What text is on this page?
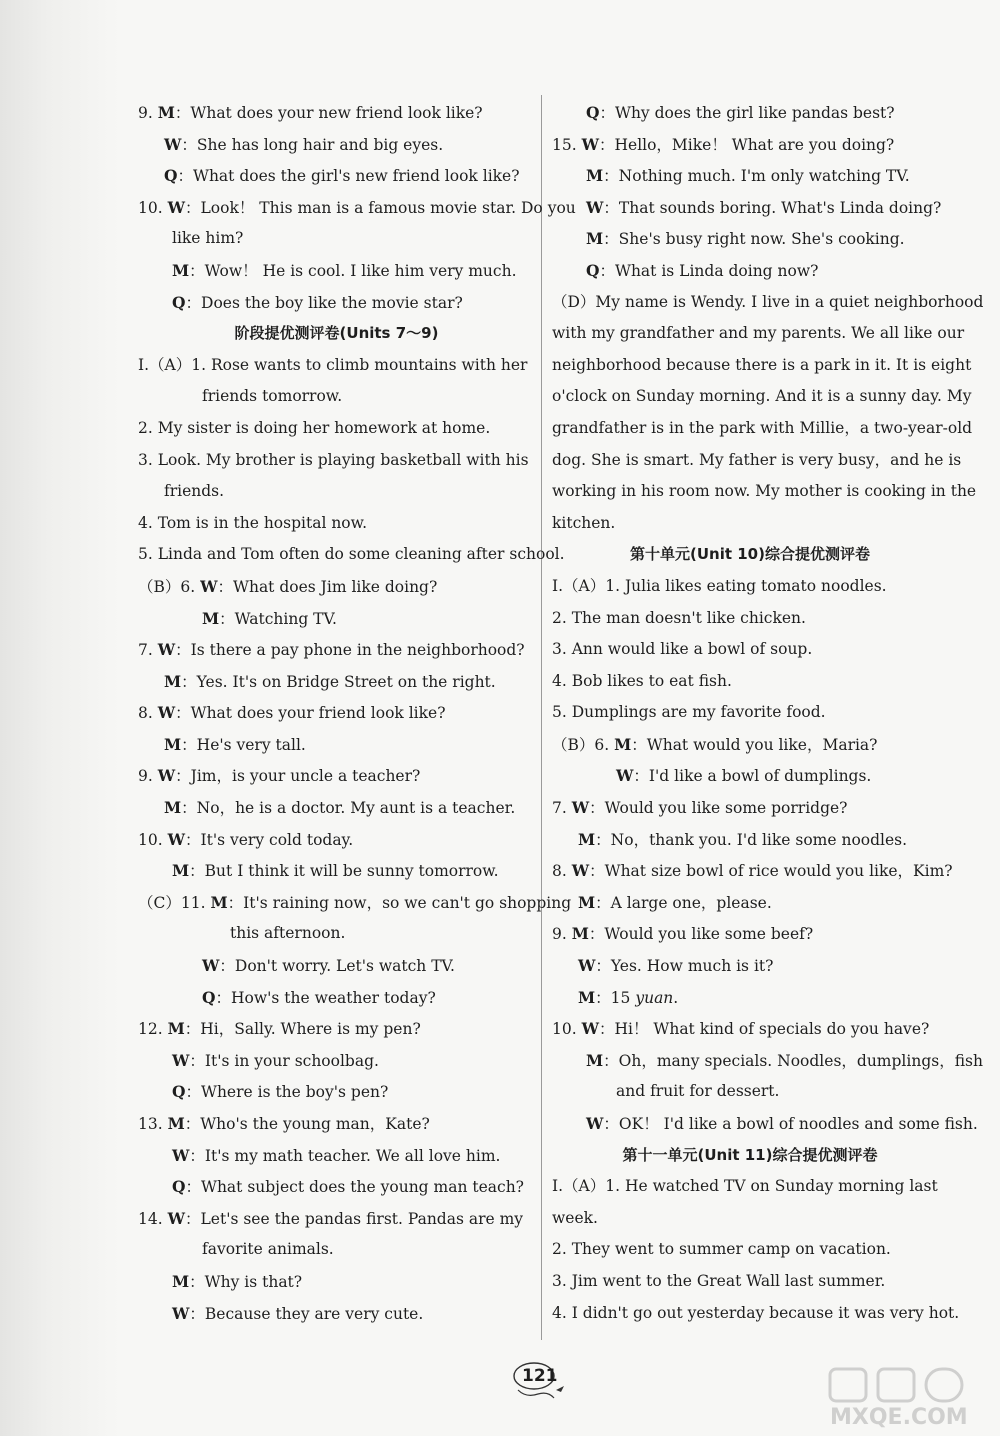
9. M：What does your new friend look like?
W：She has long hair and big eyes.
Q：What does the girl's new friend look like?
10. W：Look！ This man is a famous movie star. Do you
like him?
M：Wow！ He is cool. I like him very much.
Q：Does the boy like the movie star?
阶段提优测评卷(Units 7～9)
Ⅰ.（A）1. Rose wants to climb mountains with her
friends tomorrow.
2. My sister is doing her homework at home.
3. Look. My brother is playing basketball with his
friends.
4. Tom is in the hospital now.
5. Linda and Tom often do some cleaning after school.
（B）6. W：What does Jim like doing?
M：Watching TV.
7. W：Is there a pay phone in the neighborhood?
M：Yes. It's on Bridge Street on the right.
8. W：What does your friend look like?
M：He's very tall.
9. W：Jim，is your uncle a teacher?
M：No，he is a doctor. My aunt is a teacher.
10. W：It's very cold today.
M：But I think it will be sunny tomorrow.
（C）11. M：It's raining now，so we can't go shopping
this afternoon.
W：Don't worry. Let's watch TV.
Q：How's the weather today?
12. M：Hi，Sally. Where is my pen?
W：It's in your schoolbag.
Q：Where is the boy's pen?
13. M：Who's the young man，Kate?
W：It's my math teacher. We all love him.
Q：What subject does the young man teach?
14. W：Let's see the pandas first. Pandas are my
favorite animals.
M：Why is that?
W：Because they are very cute.
Q：Why does the girl like pandas best?
15. W：Hello，Mike！ What are you doing?
M：Nothing much. I'm only watching TV.
W：That sounds boring. What's Linda doing?
M：She's busy right now. She's cooking.
Q：What is Linda doing now?
（D）My name is Wendy. I live in a quiet neighborhood
with my grandfather and my parents. We all like our
neighborhood because there is a park in it. It is eight
o'clock on Sunday morning. And it is a sunny day. My
grandfather is in the park with Millie，a two-year-old
dog. She is smart. My father is very busy，and he is
working in his room now. My mother is cooking in the
kitchen.
第十单元(Unit 10)综合提优测评卷
Ⅰ.（A）1. Julia likes eating tomato noodles.
2. The man doesn't like chicken.
3. Ann would like a bowl of soup.
4. Bob likes to eat fish.
5. Dumplings are my favorite food.
（B）6. M：What would you like，Maria?
W：I'd like a bowl of dumplings.
7. W：Would you like some porridge?
M：No，thank you. I'd like some noodles.
8. W：What size bowl of rice would you like，Kim?
M：A large one，please.
9. M：Would you like some beef?
W：Yes. How much is it?
M：15 yuan.
10. W：Hi！ What kind of specials do you have?
M：Oh，many specials. Noodles，dumplings，fish
and fruit for dessert.
W：OK！ I'd like a bowl of noodles and some fish.
第十一单元(Unit 11)综合提优测评卷
Ⅰ.（A）1. He watched TV on Sunday morning last
week.
2. They went to summer camp on vacation.
3. Jim went to the Great Wall last summer.
4. I didn't go out yesterday because it was very hot.
121
MXQE.COM
